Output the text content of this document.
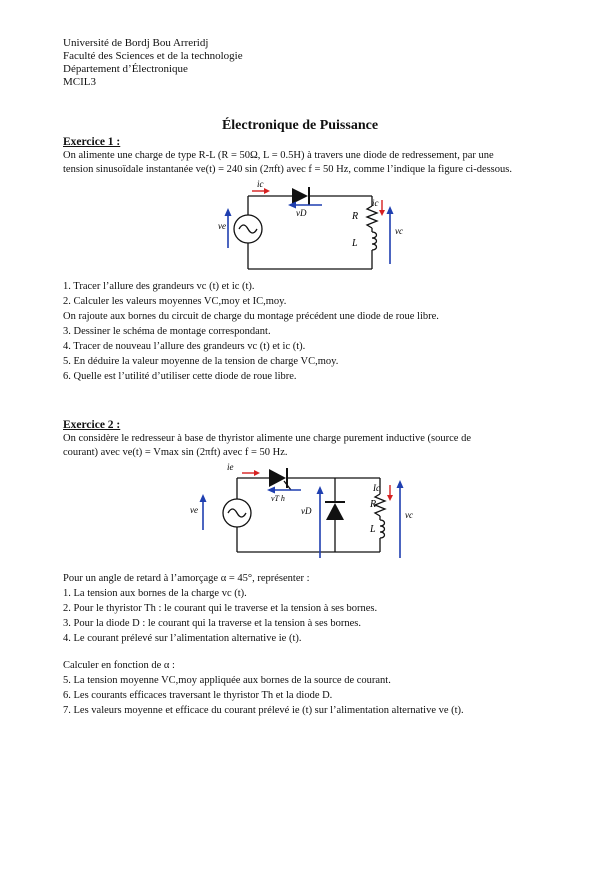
Université de Bordj Bou Arreridj
Faculté des Sciences et de la technologie
Département d’Électronique
MCIL3
Électronique de Puissance
Exercice 1 :
On alimente une charge de type R-L (R = 50Ω, L = 0.5H) à travers une diode de redressement, par une
tension sinusoïdale instantanée ve(t) = 240 sin (2πft) avec f = 50 Hz, comme l’indique la figure ci-dessous.
ic
vD
ve
R
L
ic
vc
1. Tracer l’allure des grandeurs vc (t) et ic (t).
2. Calculer les valeurs moyennes VC,moy et IC,moy.
On rajoute aux bornes du circuit de charge du montage précédent une diode de roue libre.
3. Dessiner le schéma de montage correspondant.
4. Tracer de nouveau l’allure des grandeurs vc (t) et ic (t).
5. En déduire la valeur moyenne de la tension de charge VC,moy.
6. Quelle est l’utilité d’utiliser cette diode de roue libre.
Exercice 2 :
On considère le redresseur à base de thyristor alimente une charge purement inductive (source de
courant) avec ve(t) = Vmax sin (2πft) avec f = 50 Hz.
ie
vT h
ve	vD
Ic
R
L
vc
Pour un angle de retard à l’amorçage α = 45°, représenter :
1. La tension aux bornes de la charge vc (t).
2. Pour le thyristor Th : le courant qui le traverse et la tension à ses bornes.
3. Pour la diode D : le courant qui la traverse et la tension à ses bornes.
4. Le courant prélevé sur l’alimentation alternative ie (t).
Calculer en fonction de α :
5. La tension moyenne VC,moy appliquée aux bornes de la source de courant.
6. Les courants efficaces traversant le thyristor Th et la diode D.
7. Les valeurs moyenne et efficace du courant prélevé ie (t) sur l’alimentation alternative ve (t).
